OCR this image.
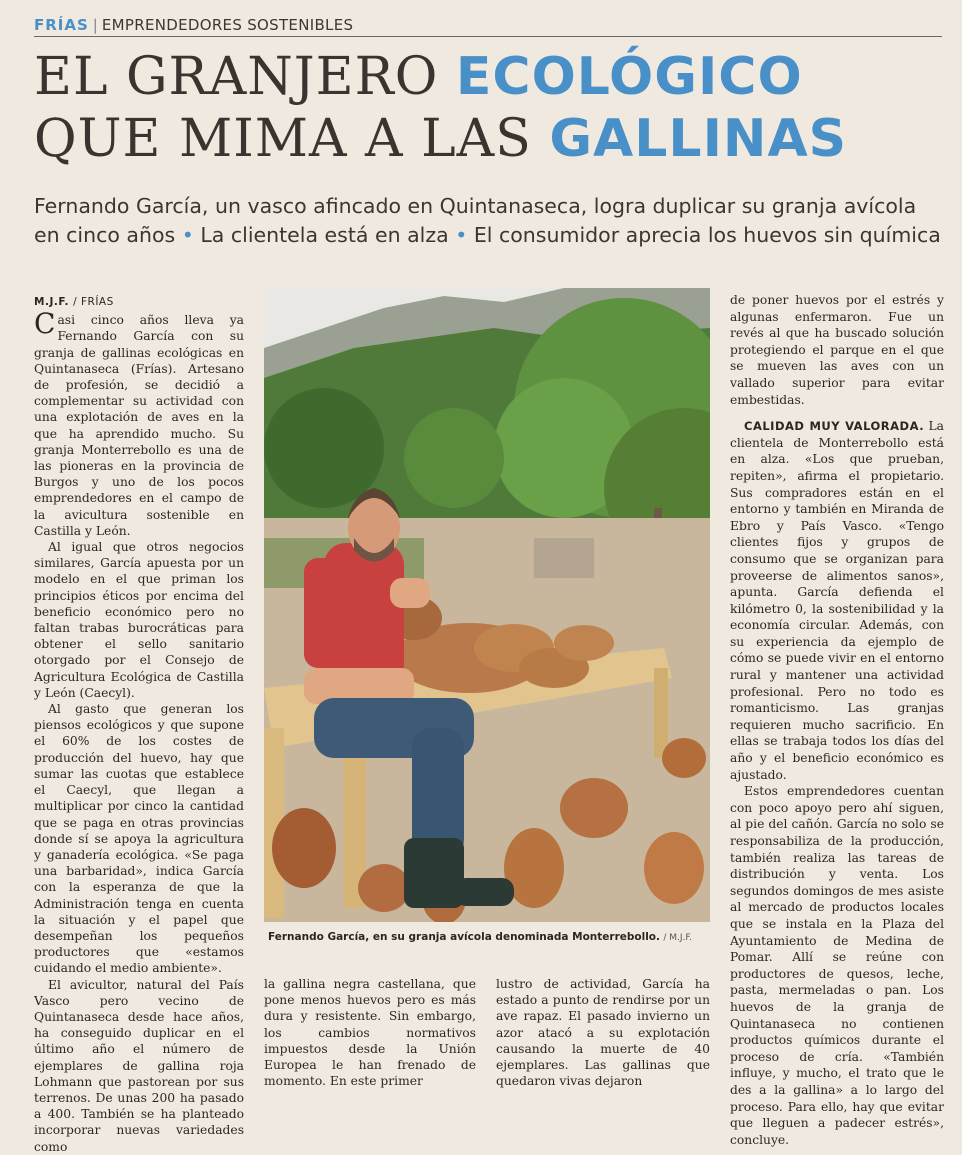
FRÍAS | EMPRENDEDORES SOSTENIBLES
EL GRANJERO ECOLÓGICO
QUE MIMA A LAS GALLINAS
Fernando García, un vasco afincado en Quintanaseca, logra duplicar su granja avícola en cinco años • La clientela está en alza • El consumidor aprecia los huevos sin química
M.J.F. / FRÍAS

Casi cinco años lleva ya Fernando García con su granja de gallinas ecológicas en Quintanaseca (Frías). Artesano de profesión, se decidió a complementar su actividad con una explotación de aves en la que ha aprendido mucho. Su granja Monterrebollo es una de las pioneras en la provincia de Burgos y uno de los pocos emprendedores en el campo de la avicultura sostenible en Castilla y León.

Al igual que otros negocios similares, García apuesta por un modelo en el que priman los principios éticos por encima del beneficio económico pero no faltan trabas burocráticas para obtener el sello sanitario otorgado por el Consejo de Agricultura Ecológica de Castilla y León (Caecyl).

Al gasto que generan los piensos ecológicos y que supone el 60% de los costes de producción del huevo, hay que sumar las cuotas que establece el Caecyl, que llegan a multiplicar por cinco la cantidad que se paga en otras provincias donde sí se apoya la agricultura y ganadería ecológica. «Se paga una barbaridad», indica García con la esperanza de que la Administración tenga en cuenta la situación y el papel que desempeñan los pequeños productores que «estamos cuidando el medio ambiente».

El avicultor, natural del País Vasco pero vecino de Quintanaseca desde hace años, ha conseguido duplicar en el último año el número de ejemplares de gallina roja Lohmann que pastorean por sus terrenos. De unas 200 ha pasado a 400. También se ha planteado incorporar nuevas variedades como

Fernando García, en su granja avícola denominada Monterrebollo. / M.J.F.

la gallina negra castellana, que pone menos huevos pero es más dura y resistente. Sin embargo, los cambios normativos impuestos desde la Unión Europea le han frenado de momento. En este primer

lustro de actividad, García ha estado a punto de rendirse por un ave rapaz. El pasado invierno un azor atacó a su explotación causando la muerte de 40 ejemplares. Las gallinas que quedaron vivas dejaron

de poner huevos por el estrés y algunas enfermaron. Fue un revés al que ha buscado solución protegiendo el parque en el que se mueven las aves con un vallado superior para evitar embestidas.

CALIDAD MUY VALORADA. La clientela de Monterrebollo está en alza. «Los que prueban, repiten», afirma el propietario. Sus compradores están en el entorno y también en Miranda de Ebro y País Vasco. «Tengo clientes fijos y grupos de consumo que se organizan para proveerse de alimentos sanos», apunta. García defienda el kilómetro 0, la sostenibilidad y la economía circular. Además, con su experiencia da ejemplo de cómo se puede vivir en el entorno rural y mantener una actividad profesional. Pero no todo es romanticismo. Las granjas requieren mucho sacrificio. En ellas se trabaja todos los días del año y el beneficio económico es ajustado.

Estos emprendedores cuentan con poco apoyo pero ahí siguen, al pie del cañón. García no solo se responsabiliza de la producción, también realiza las tareas de distribución y venta. Los segundos domingos de mes asiste al mercado de productos locales que se instala en la Plaza del Ayuntamiento de Medina de Pomar. Allí se reúne con productores de quesos, leche, pasta, mermeladas o pan. Los huevos de la granja de Quintanaseca no contienen productos químicos durante el proceso de cría. «También influye, y mucho, el trato que le des a la gallina» a lo largo del proceso. Para ello, hay que evitar que lleguen a padecer estrés», concluye.
